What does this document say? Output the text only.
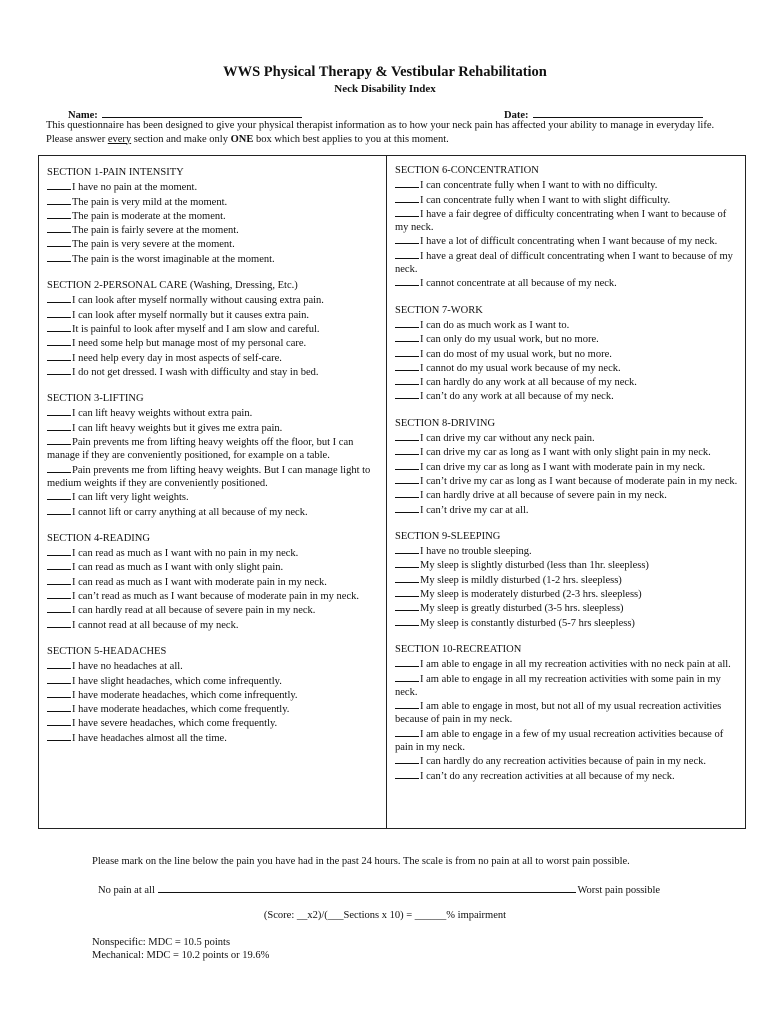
WWS Physical Therapy & Vestibular Rehabilitation
Neck Disability Index
Name:	Date:
This questionnaire has been designed to give your physical therapist information as to how your neck pain has affected your ability to manage in everyday life. Please answer every section and make only ONE box which best applies to you at this moment.
SECTION 1-PAIN INTENSITY
I have no pain at the moment.
The pain is very mild at the moment.
The pain is moderate at the moment.
The pain is fairly severe at the moment.
The pain is very severe at the moment.
The pain is the worst imaginable at the moment.
SECTION 2-PERSONAL CARE (Washing, Dressing, Etc.)
I can look after myself normally without causing extra pain.
I can look after myself normally but it causes extra pain.
It is painful to look after myself and I am slow and careful.
I need some help but manage most of my personal care.
I need help every day in most aspects of self-care.
I do not get dressed. I wash with difficulty and stay in bed.
SECTION 3-LIFTING
I can lift heavy weights without extra pain.
I can lift heavy weights but it gives me extra pain.
Pain prevents me from lifting heavy weights off the floor, but I can manage if they are conveniently positioned, for example on a table.
Pain prevents me from lifting heavy weights. But I can manage light to medium weights if they are conveniently positioned.
I can lift very light weights.
I cannot lift or carry anything at all because of my neck.
SECTION 4-READING
I can read as much as I want with no pain in my neck.
I can read as much as I want with only slight pain.
I can read as much as I want with moderate pain in my neck.
I can’t read as much as I want because of moderate pain in my neck.
I can hardly read at all because of severe pain in my neck.
I cannot read at all because of my neck.
SECTION 5-HEADACHES
I have no headaches at all.
I have slight headaches, which come infrequently.
I have moderate headaches, which come infrequently.
I have moderate headaches, which come frequently.
I have severe headaches, which come frequently.
I have headaches almost all the time.
SECTION 6-CONCENTRATION
I can concentrate fully when I want to with no difficulty.
I can concentrate fully when I want to with slight difficulty.
I have a fair degree of difficulty concentrating when I want to because of my neck.
I have a lot of difficult concentrating when I want because of my neck.
I have a great deal of difficult concentrating when I want to because of my neck.
I cannot concentrate at all because of my neck.
SECTION 7-WORK
I can do as much work as I want to.
I can only do my usual work, but no more.
I can do most of my usual work, but no more.
I cannot do my usual work because of my neck.
I can hardly do any work at all because of my neck.
I can’t do any work at all because of my neck.
SECTION 8-DRIVING
I can drive my car without any neck pain.
I can drive my car as long as I want with only slight pain in my neck.
I can drive my car as long as I want with moderate pain in my neck.
I can’t drive my car as long as I want because of moderate pain in my neck.
I can hardly drive at all because of severe pain in my neck.
I can’t drive my car at all.
SECTION 9-SLEEPING
I have no trouble sleeping.
My sleep is slightly disturbed (less than 1hr. sleepless)
My sleep is mildly disturbed (1-2 hrs. sleepless)
My sleep is moderately disturbed (2-3 hrs. sleepless)
My sleep is greatly disturbed (3-5 hrs. sleepless)
My sleep is constantly disturbed (5-7 hrs sleepless)
SECTION 10-RECREATION
I am able to engage in all my recreation activities with no neck pain at all.
I am able to engage in all my recreation activities with some pain in my neck.
I am able to engage in most, but not all of my usual recreation activities because of pain in my neck.
I am able to engage in a few of my usual recreation activities because of pain in my neck.
I can hardly do any recreation activities because of pain in my neck.
I can’t do any recreation activities at all because of my neck.
Please mark on the line below the pain you have had in the past 24 hours. The scale is from no pain at all to worst pain possible.
No pain at all	Worst pain possible
(Score: __x2)/(___Sections x 10) = ______% impairment
Nonspecific: MDC = 10.5 points
Mechanical: MDC = 10.2 points or 19.6%
